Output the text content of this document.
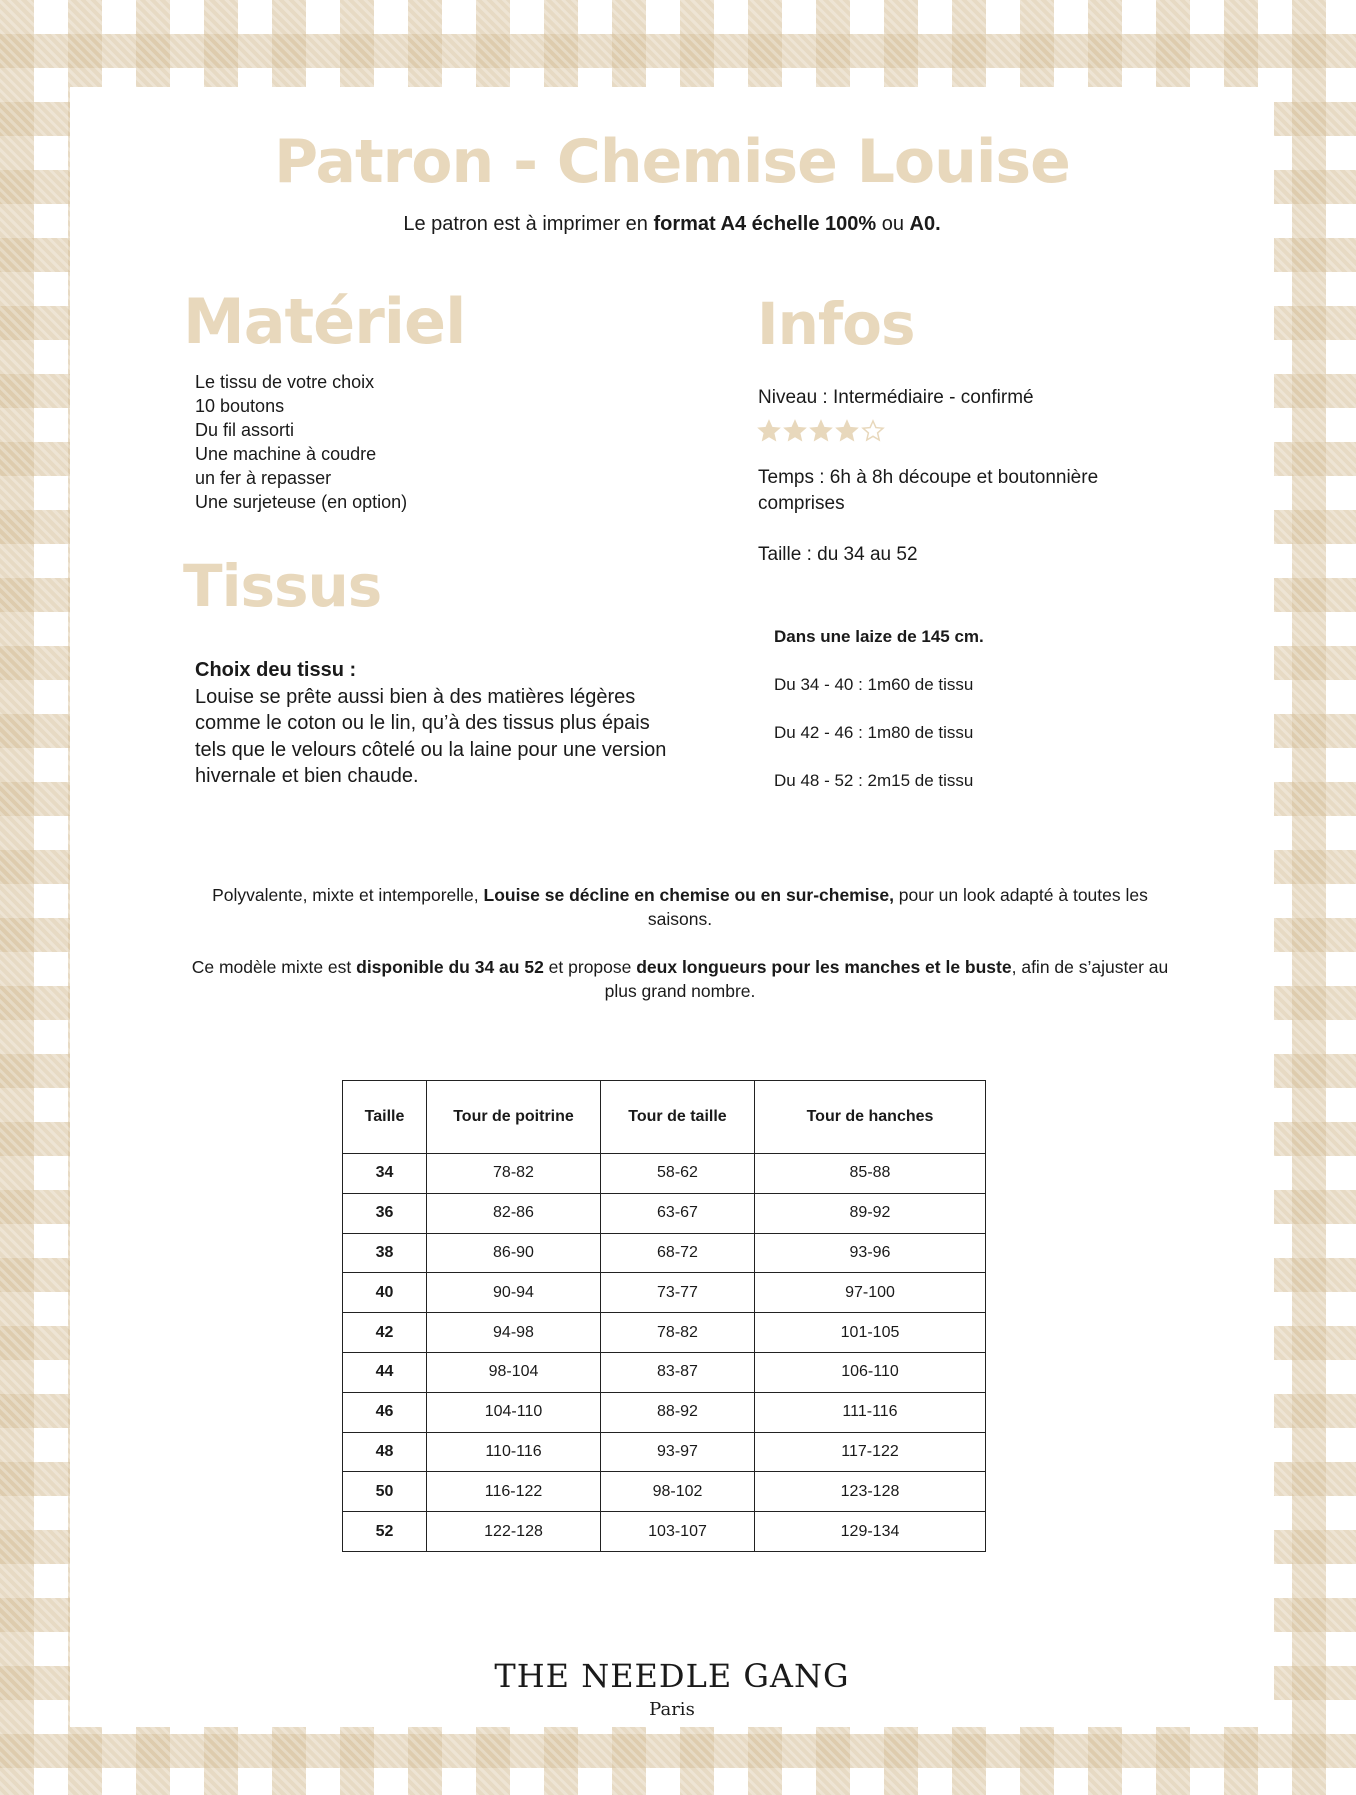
Patron - Chemise Louise
Le patron est à imprimer en format A4 échelle 100% ou A0.
Matériel
Le tissu de votre choix
10 boutons
Du fil assorti
Une machine à coudre
un fer à repasser
Une surjeteuse (en option)
Infos
Niveau : Intermédiaire - confirmé
Temps : 6h à 8h découpe et boutonnière comprises
Taille : du 34 au 52
Tissus
Choix deu tissu :
Louise se prête aussi bien à des matières légères comme le coton ou le lin, qu’à des tissus plus épais tels que le velours côtelé ou la laine pour une version hivernale et bien chaude.
Dans une laize de 145 cm.
Du 34 - 40 : 1m60 de tissu
Du 42 - 46 : 1m80 de tissu
Du 48 - 52 : 2m15 de tissu
Polyvalente, mixte et intemporelle, Louise se décline en chemise ou en sur-chemise, pour un look adapté à toutes les saisons.
Ce modèle mixte est disponible du 34 au 52 et propose deux longueurs pour les manches et le buste, afin de s’ajuster au plus grand nombre.
Taille	Tour de poitrine	Tour de taille	Tour de hanches
34	78-82	58-62	85-88
36	82-86	63-67	89-92
38	86-90	68-72	93-96
40	90-94	73-77	97-100
42	94-98	78-82	101-105
44	98-104	83-87	106-110
46	104-110	88-92	111-116
48	110-116	93-97	117-122
50	116-122	98-102	123-128
52	122-128	103-107	129-134
THE NEEDLE GANG
Paris
